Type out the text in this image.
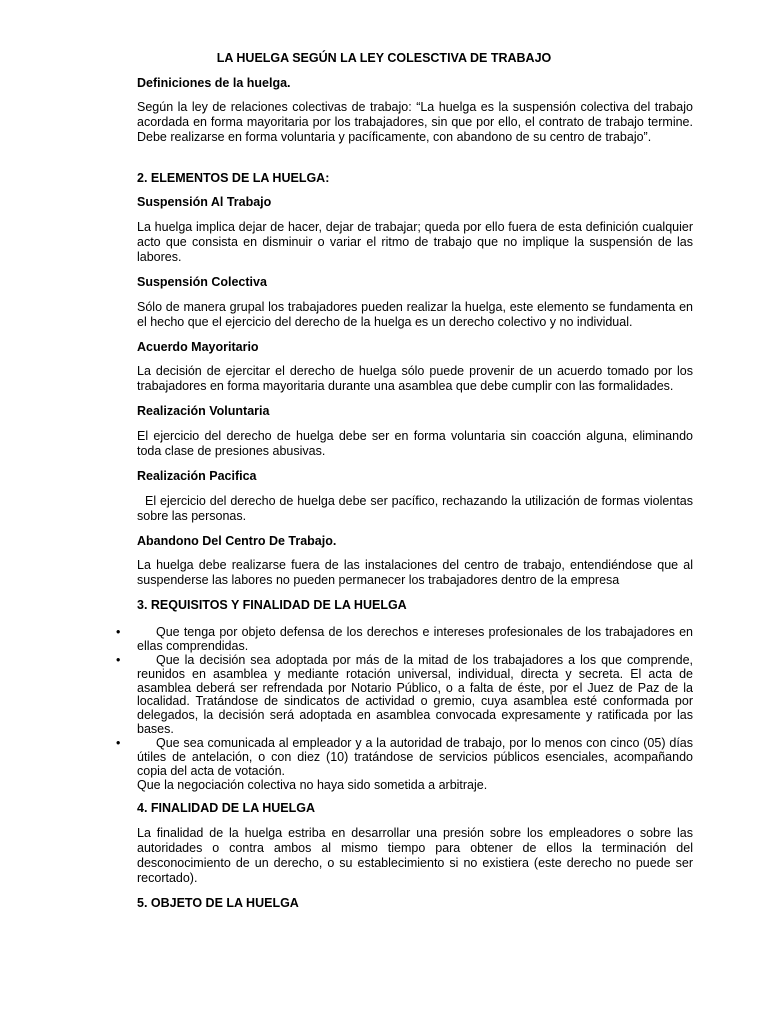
LA HUELGA SEGÚN LA LEY COLESCTIVA DE TRABAJO
Definiciones de la huelga.

Según la ley de relaciones colectivas de trabajo: “La huelga es la suspensión colectiva del trabajo acordada en forma mayoritaria por los trabajadores, sin que por ello, el contrato de trabajo termine. Debe realizarse en forma voluntaria y pacíficamente, con abandono de su centro de trabajo”.

2. ELEMENTOS DE LA HUELGA:
Suspensión Al Trabajo

La huelga implica dejar de hacer, dejar de trabajar; queda por ello fuera de esta definición cualquier acto que consista en disminuir o variar el ritmo de trabajo que no implique la suspensión de las labores.

Suspensión Colectiva

Sólo de manera grupal los trabajadores pueden realizar la huelga, este elemento se fundamenta en el hecho que el ejercicio del derecho de la huelga es un derecho colectivo y no individual.

Acuerdo Mayoritario

La decisión de ejercitar el derecho de huelga sólo puede provenir de un acuerdo tomado por los trabajadores en forma mayoritaria durante una asamblea que debe cumplir con las formalidades.

Realización Voluntaria

El ejercicio del derecho de huelga debe ser en forma voluntaria sin coacción alguna, eliminando toda clase de presiones abusivas.

Realización Pacifica

El ejercicio del derecho de huelga debe ser pacífico, rechazando la utilización de formas violentas sobre las personas.

Abandono Del Centro De Trabajo.

La huelga debe realizarse fuera de las instalaciones del centro de trabajo, entendiéndose que al suspenderse las labores no pueden permanecer los trabajadores dentro de la empresa

3. REQUISITOS Y FINALIDAD DE LA HUELGA
•	Que tenga por objeto defensa de los derechos e intereses profesionales de los trabajadores en ellas comprendidas.

•	Que la decisión sea adoptada por más de la mitad de los trabajadores a los que comprende, reunidos en asamblea y mediante rotación universal, individual, directa y secreta. El acta de asamblea deberá ser refrendada por Notario Público, o a falta de éste, por el Juez de Paz de la localidad. Tratándose de sindicatos de actividad o gremio, cuya asamblea esté conformada por delegados, la decisión será adoptada en asamblea convocada expresamente y ratificada por las bases.

•	Que sea comunicada al empleador y a la autoridad de trabajo, por lo menos con cinco (05) días útiles de antelación, o con diez (10) tratándose de servicios públicos esenciales, acompañando copia del acta de votación.

Que la negociación colectiva no haya sido sometida a arbitraje.

4. FINALIDAD DE LA HUELGA

La finalidad de la huelga estriba en desarrollar una presión sobre los empleadores o sobre las autoridades o contra ambos al mismo tiempo para obtener de ellos la terminación del desconocimiento de un derecho, o su establecimiento si no existiera (este derecho no puede ser recortado).

5. OBJETO DE LA HUELGA
